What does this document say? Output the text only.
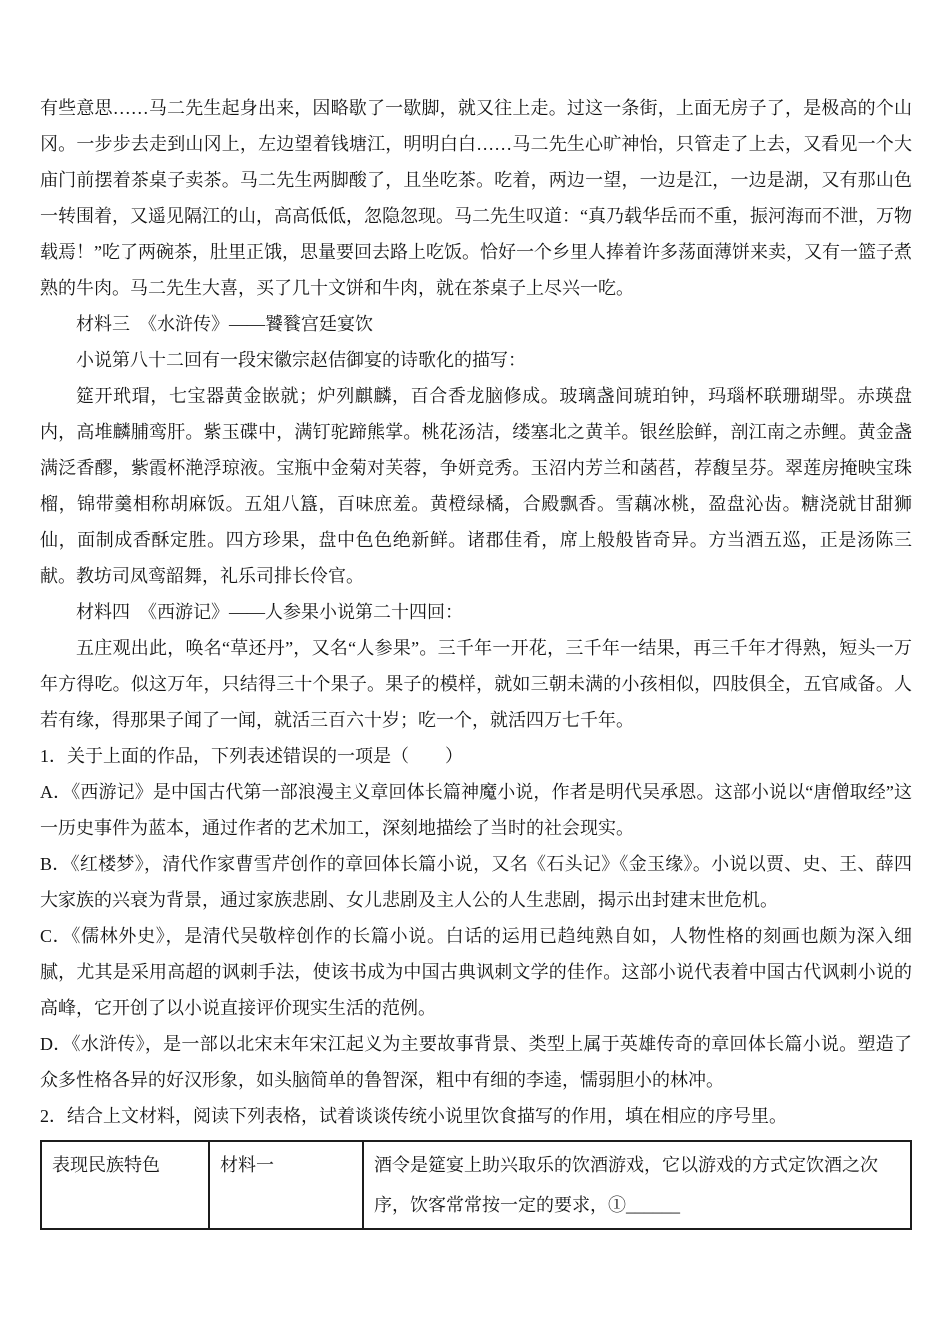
有些意思……马二先生起身出来，因略歇了一歇脚，就又往上走。过这一条街，上面无房子了，是极高的个山冈。一步步去走到山冈上，左边望着钱塘江，明明白白……马二先生心旷神怡，只管走了上去，又看见一个大庙门前摆着茶桌子卖茶。马二先生两脚酸了，且坐吃茶。吃着，两边一望，一边是江，一边是湖，又有那山色一转围着，又遥见隔江的山，高高低低，忽隐忽现。马二先生叹道：“真乃载华岳而不重，振河海而不泄，万物载焉！”吃了两碗茶，肚里正饿，思量要回去路上吃饭。恰好一个乡里人捧着许多荡面薄饼来卖，又有一篮子煮熟的牛肉。马二先生大喜，买了几十文饼和牛肉，就在茶桌子上尽兴一吃。

材料三　《水浒传》——饕餮宫廷宴饮

小说第八十二回有一段宋徽宗赵佶御宴的诗歌化的描写：

筵开玳瑁，七宝器黄金嵌就；炉列麒麟，百合香龙脑修成。玻璃盏间琥珀钟，玛瑙杯联珊瑚斝。赤瑛盘内，高堆麟脯鸾肝。紫玉碟中，满钉驼蹄熊掌。桃花汤洁，缕塞北之黄羊。银丝脍鲜，剖江南之赤鲤。黄金盏满泛香醪，紫霞杯滟浮琼液。宝瓶中金菊对芙蓉，争妍竞秀。玉沼内芳兰和菡萏，荐馥呈芬。翠莲房掩映宝珠榴，锦带羹相称胡麻饭。五俎八簋，百味庶羞。黄橙绿橘，合殿飘香。雪藕冰桃，盈盘沁齿。糖浇就甘甜狮仙，面制成香酥定胜。四方珍果，盘中色色绝新鲜。诸郡佳肴，席上般般皆奇异。方当酒五巡，正是汤陈三献。教坊司凤鸾韶舞，礼乐司排长伶官。

材料四　《西游记》——人参果小说第二十四回：

五庄观出此，唤名“草还丹”，又名“人参果”。三千年一开花，三千年一结果，再三千年才得熟，短头一万年方得吃。似这万年，只结得三十个果子。果子的模样，就如三朝未满的小孩相似，四肢俱全，五官咸备。人若有缘，得那果子闻了一闻，就活三百六十岁；吃一个，就活四万七千年。

1．关于上面的作品，下列表述错误的一项是（　　）

A．《西游记》是中国古代第一部浪漫主义章回体长篇神魔小说，作者是明代吴承恩。这部小说以“唐僧取经”这一历史事件为蓝本，通过作者的艺术加工，深刻地描绘了当时的社会现实。

B．《红楼梦》，清代作家曹雪芹创作的章回体长篇小说，又名《石头记》《金玉缘》。小说以贾、史、王、薛四大家族的兴衰为背景，通过家族悲剧、女儿悲剧及主人公的人生悲剧，揭示出封建末世危机。

C．《儒林外史》，是清代吴敬梓创作的长篇小说。白话的运用已趋纯熟自如，人物性格的刻画也颇为深入细腻，尤其是采用高超的讽刺手法，使该书成为中国古典讽刺文学的佳作。这部小说代表着中国古代讽刺小说的高峰，它开创了以小说直接评价现实生活的范例。

D．《水浒传》，是一部以北宋末年宋江起义为主要故事背景、类型上属于英雄传奇的章回体长篇小说。塑造了众多性格各异的好汉形象，如头脑简单的鲁智深，粗中有细的李逵，懦弱胆小的林冲。

2．结合上文材料，阅读下列表格，试着谈谈传统小说里饮食描写的作用，填在相应的序号里。

表现民族特色	材料一	酒令是筵宴上助兴取乐的饮酒游戏，它以游戏的方式定饮酒之次序，饮客常常按一定的要求，①______
